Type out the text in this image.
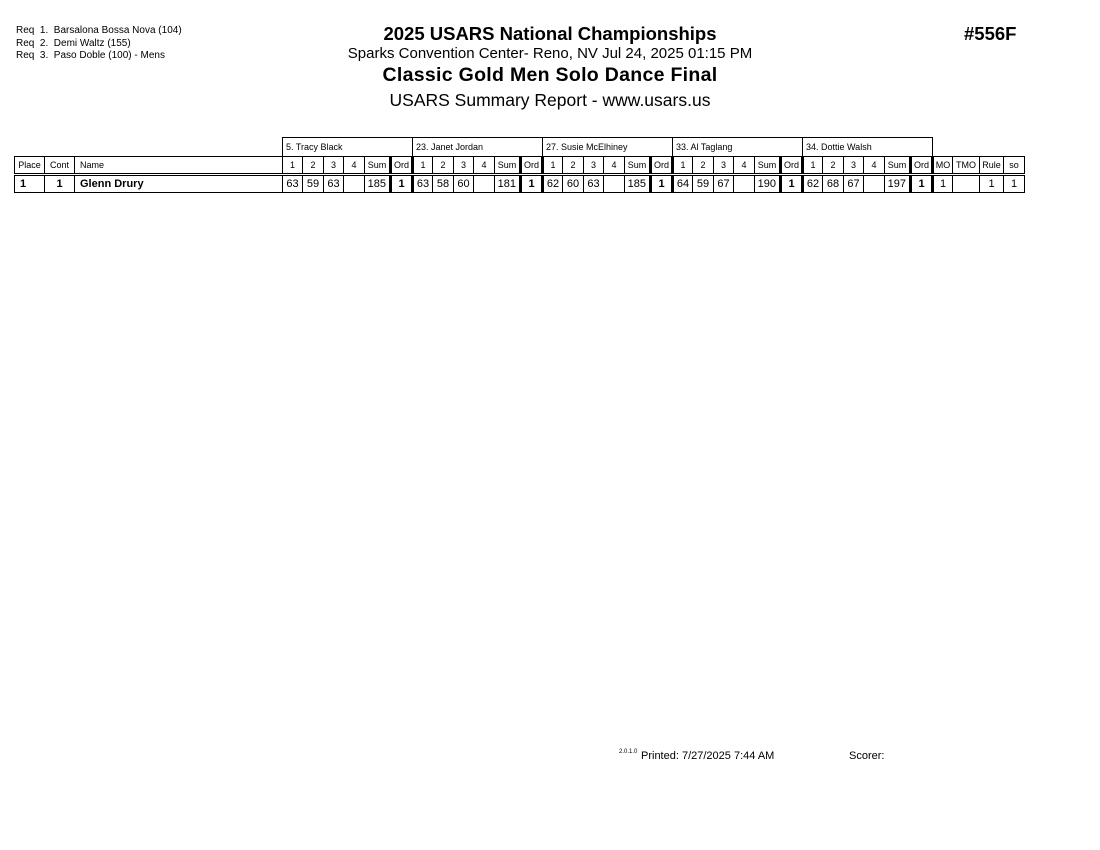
Req  1.  Barsalona Bossa Nova (104)
Req  2.  Demi Waltz (155)
Req  3.  Paso Doble (100) - Mens
2025 USARS National Championships
Sparks Convention Center- Reno, NV Jul 24, 2025 01:15 PM
Classic Gold Men Solo Dance Final
USARS Summary Report - www.usars.us
#556F
			5. Tracy Black						23. Janet Jordan						27. Susie McElhiney						33. Al Taglang						34. Dottie Walsh									
Place	Cont	Name	1	2	3	4	Sum	Ord	1	2	3	4	Sum	Ord	1	2	3	4	Sum	Ord	1	2	3	4	Sum	Ord	1	2	3	4	Sum	Ord	MO	TMO	Rule	so
1	1	Glenn Drury	63	59	63		185	1	63	58	60		181	1	62	60	63		185	1	64	59	67		190	1	62	68	67		197	1	1		1	1
2.0.1.0 Printed: 7/27/2025 7:44 AM	Scorer:
